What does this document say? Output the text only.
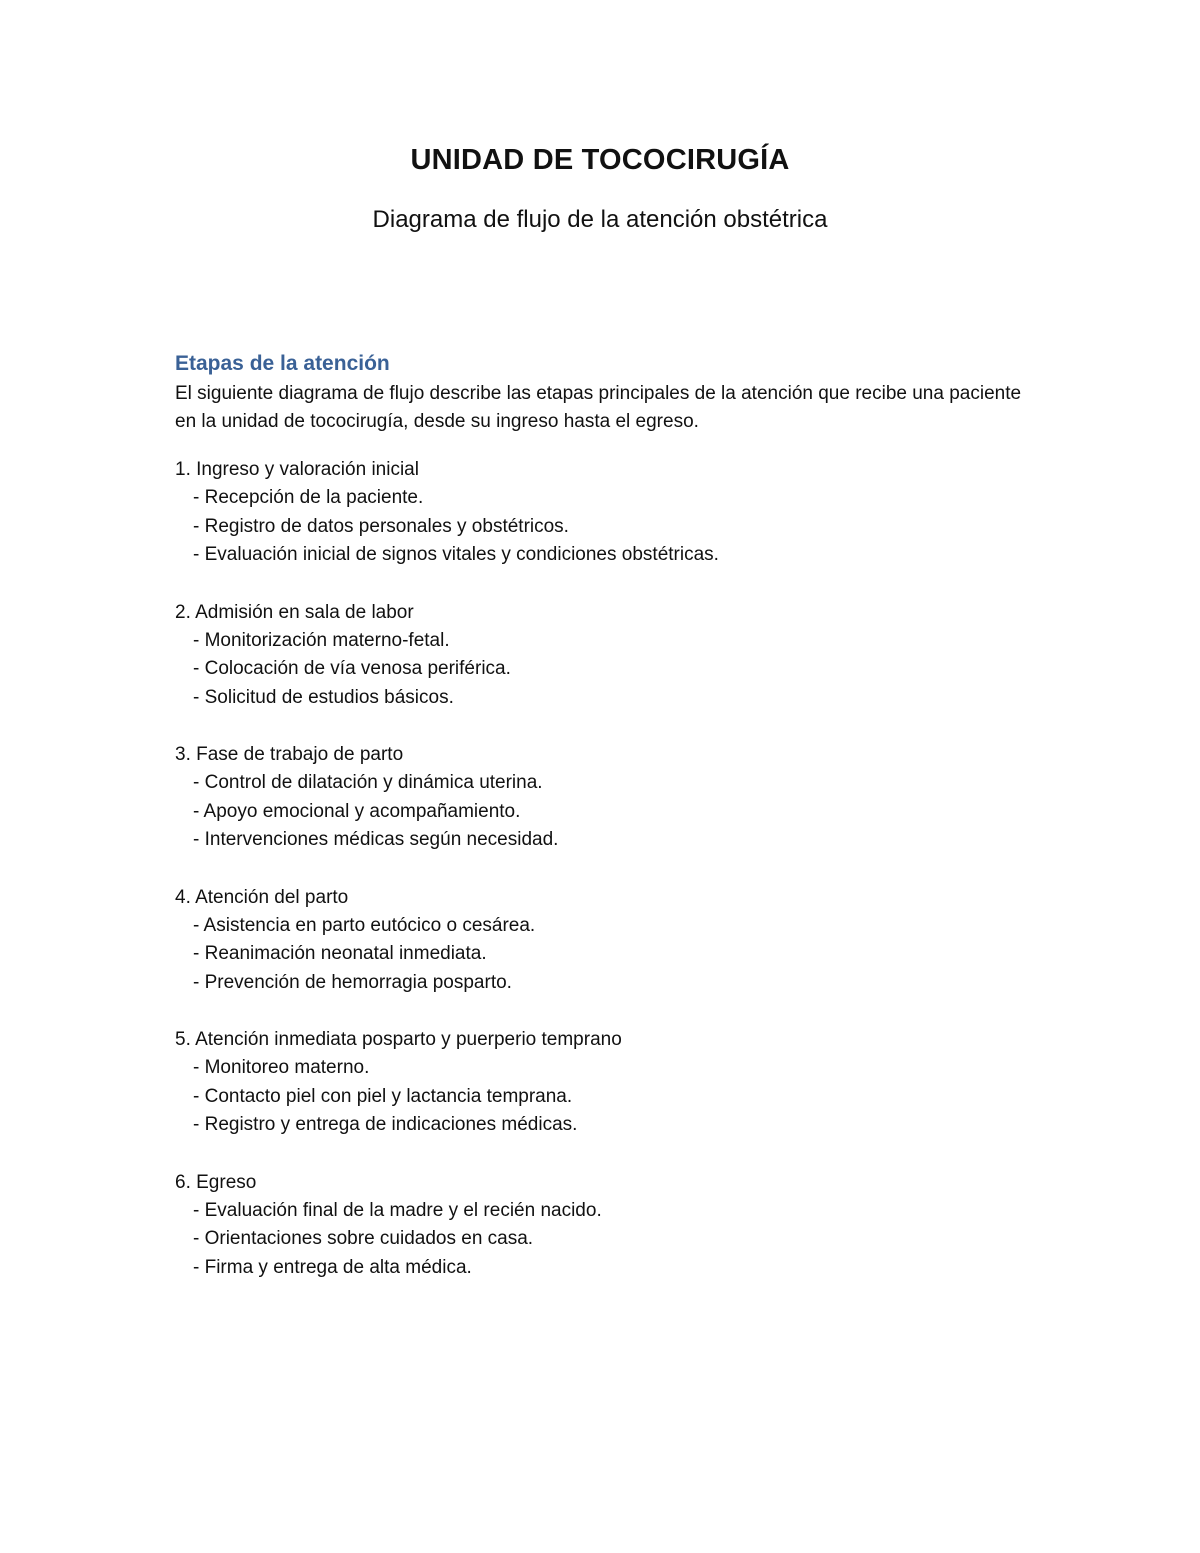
UNIDAD DE TOCOCIRUGÍA
Diagrama de flujo de la atención obstétrica
Etapas de la atención

El siguiente diagrama de flujo describe las etapas principales de la atención que recibe una paciente en la unidad de tococirugía, desde su ingreso hasta el egreso.

1. Ingreso y valoración inicial
- Recepción de la paciente.
- Registro de datos personales y obstétricos.
- Evaluación inicial de signos vitales y condiciones obstétricas.
2. Admisión en sala de labor
- Monitorización materno-fetal.
- Colocación de vía venosa periférica.
- Solicitud de estudios básicos.
3. Fase de trabajo de parto
- Control de dilatación y dinámica uterina.
- Apoyo emocional y acompañamiento.
- Intervenciones médicas según necesidad.
4. Atención del parto
- Asistencia en parto eutócico o cesárea.
- Reanimación neonatal inmediata.
- Prevención de hemorragia posparto.
5. Atención inmediata posparto y puerperio temprano
- Monitoreo materno.
- Contacto piel con piel y lactancia temprana.
- Registro y entrega de indicaciones médicas.
6. Egreso
- Evaluación final de la madre y el recién nacido.
- Orientaciones sobre cuidados en casa.
- Firma y entrega de alta médica.
